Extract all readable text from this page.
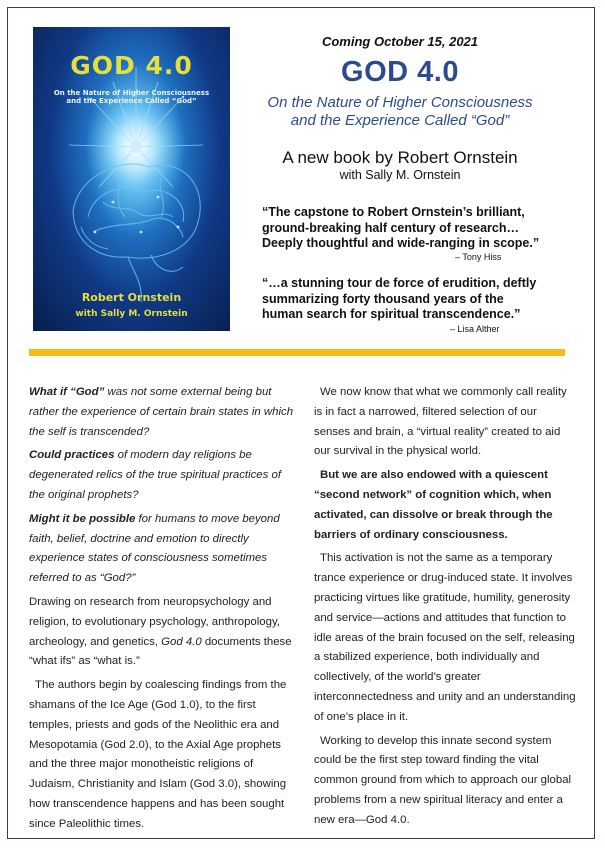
GOD 4.0
On the Nature of Higher Consciousness
and the Experience Called “God”
Robert Ornstein
with Sally M. Ornstein
Coming October 15, 2021
GOD 4.0
On the Nature of Higher Consciousness
and the Experience Called “God”
A new book by Robert Ornstein
with Sally M. Ornstein
“The capstone to Robert Ornstein’s brilliant,
ground-breaking half century of research…
Deeply thoughtful and wide-ranging in scope.”
– Tony Hiss
“…a stunning tour de force of erudition, deftly
summarizing forty thousand years of the
human search for spiritual transcendence.”
– Lisa Alther

What if “God” was not some external being but rather the experience of certain brain states in which the self is transcended?

Could practices of modern day religions be degenerated relics of the true spiritual practices of the original prophets?

Might it be possible for humans to move beyond faith, belief, doctrine and emotion to directly experience states of consciousness sometimes referred to as “God?”

Drawing on research from neuropsychology and religion, to evolutionary psychology, anthropology, archeology, and genetics, God 4.0 documents these “what ifs” as “what is.”

The authors begin by coalescing findings from the shamans of the Ice Age (God 1.0), to the first temples, priests and gods of the Neolithic era and Mesopotamia (God 2.0), to the Axial Age prophets and the three major monotheistic religions of Judaism, Christianity and Islam (God 3.0), showing how transcendence happens and has been sought since Paleolithic times.

We now know that what we commonly call reality is in fact a narrowed, filtered selection of our senses and brain, a “virtual reality” created to aid our survival in the physical world.

But we are also endowed with a quiescent “second network” of cognition which, when activated, can dissolve or break through the barriers of ordinary consciousness.

This activation is not the same as a temporary trance experience or drug-induced state. It involves practicing virtues like gratitude, humility, generosity and service—actions and attitudes that function to idle areas of the brain focused on the self, releasing a stabilized experience, both individually and collectively, of the world’s greater interconnectedness and unity and an understanding of one’s place in it.

Working to develop this innate second system could be the first step toward finding the vital common ground from which to approach our global problems from a new spiritual literacy and enter a new era—God 4.0.
